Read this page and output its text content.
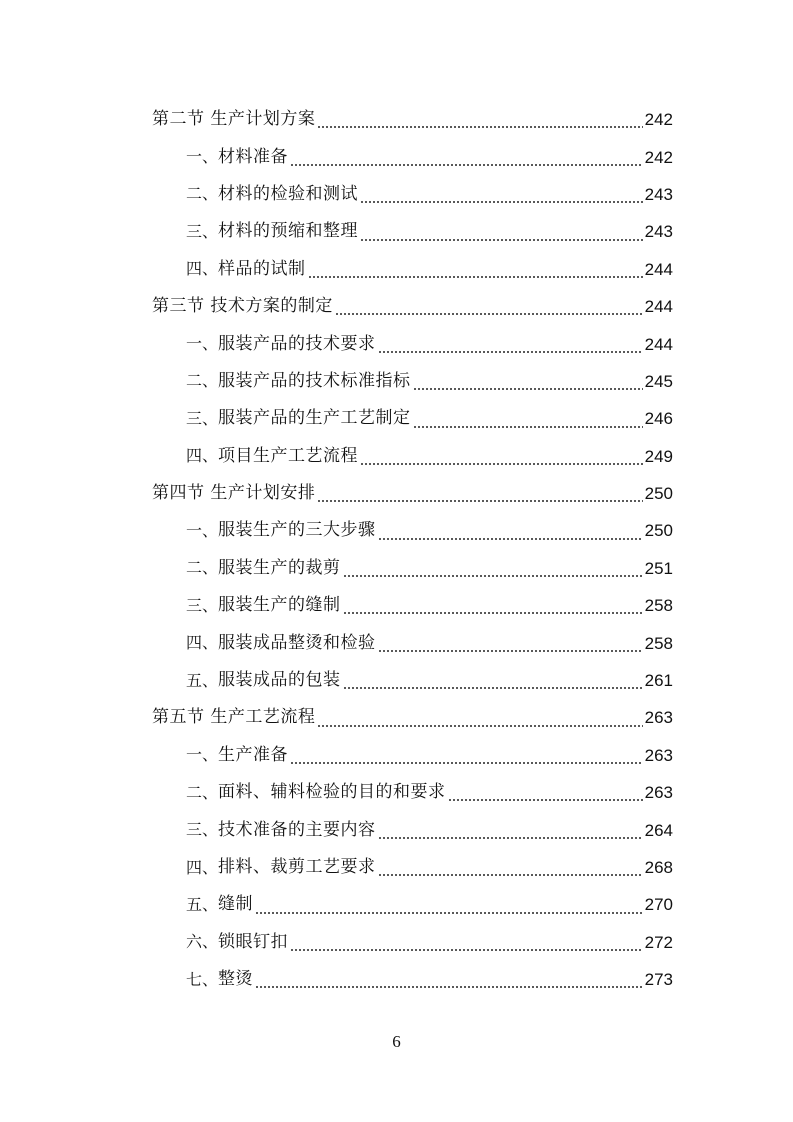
第二节 生产计划方案	242
一、 材料准备	242
二、 材料的检验和测试	243
三、 材料的预缩和整理	243
四、 样品的试制	244
第三节 技术方案的制定	244
一、 服装产品的技术要求	244
二、 服装产品的技术标准指标	245
三、 服装产品的生产工艺制定	246
四、 项目生产工艺流程	249
第四节 生产计划安排	250
一、 服装生产的三大步骤	250
二、 服装生产的裁剪	251
三、 服装生产的缝制	258
四、 服装成品整烫和检验	258
五、 服装成品的包装	261
第五节 生产工艺流程	263
一、 生产准备	263
二、 面料、辅料检验的目的和要求	263
三、 技术准备的主要内容	264
四、 排料、裁剪工艺要求	268
五、 缝制	270
六、 锁眼钉扣	272
七、 整烫	273
6
